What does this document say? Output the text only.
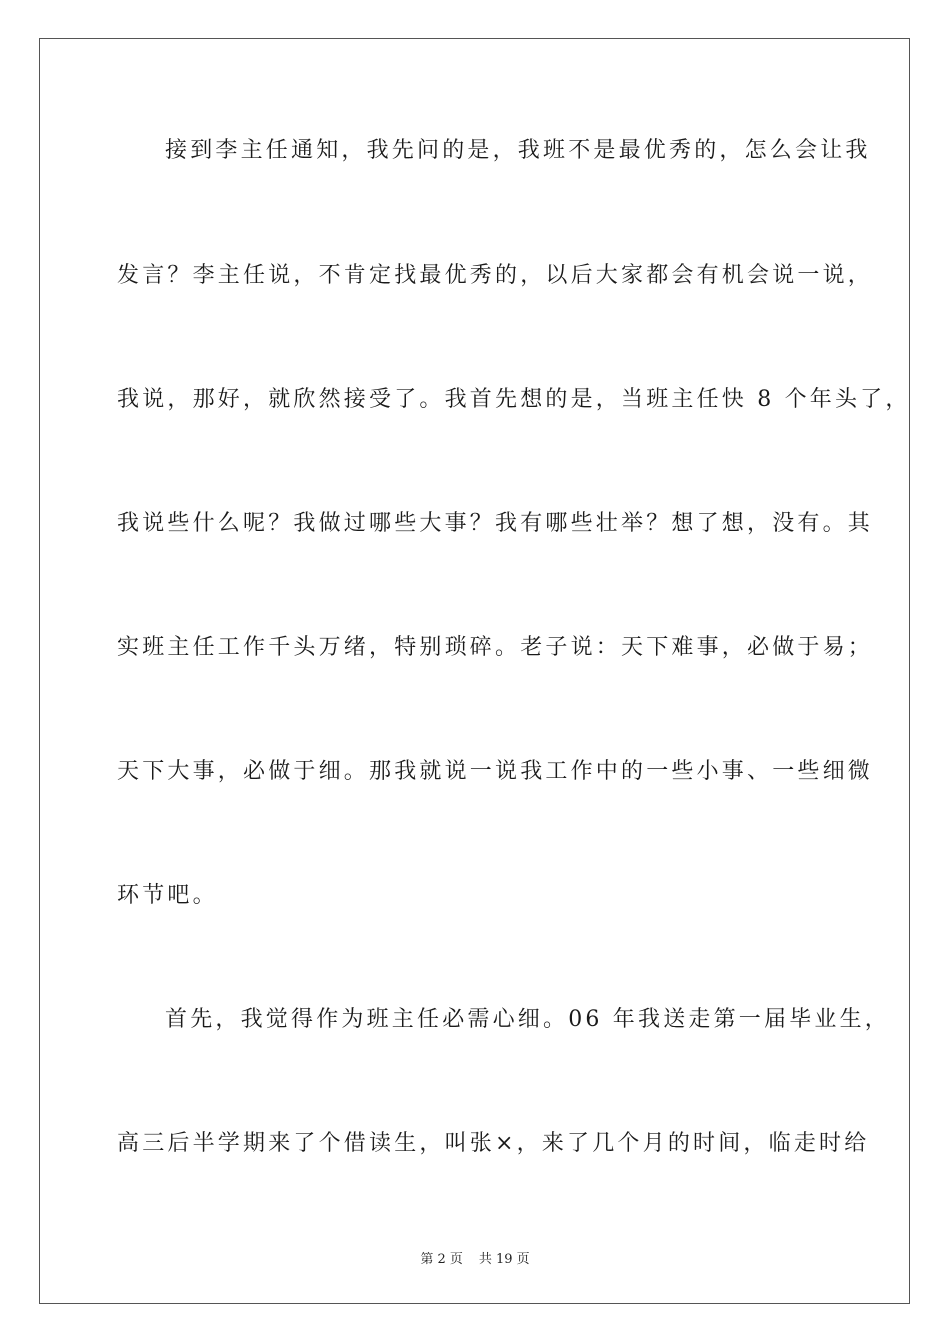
接到李主任通知，我先问的是，我班不是最优秀的，怎么会让我
发言？李主任说，不肯定找最优秀的，以后大家都会有机会说一说，
我说，那好，就欣然接受了。我首先想的是，当班主任快 8 个年头了，
我说些什么呢？我做过哪些大事？我有哪些壮举？想了想，没有。其
实班主任工作千头万绪，特别琐碎。老子说：天下难事，必做于易；
天下大事，必做于细。那我就说一说我工作中的一些小事、一些细微
环节吧。
首先，我觉得作为班主任必需心细。06 年我送走第一届毕业生，
高三后半学期来了个借读生，叫张×，来了几个月的时间，临走时给
第 2 页 共 19 页
